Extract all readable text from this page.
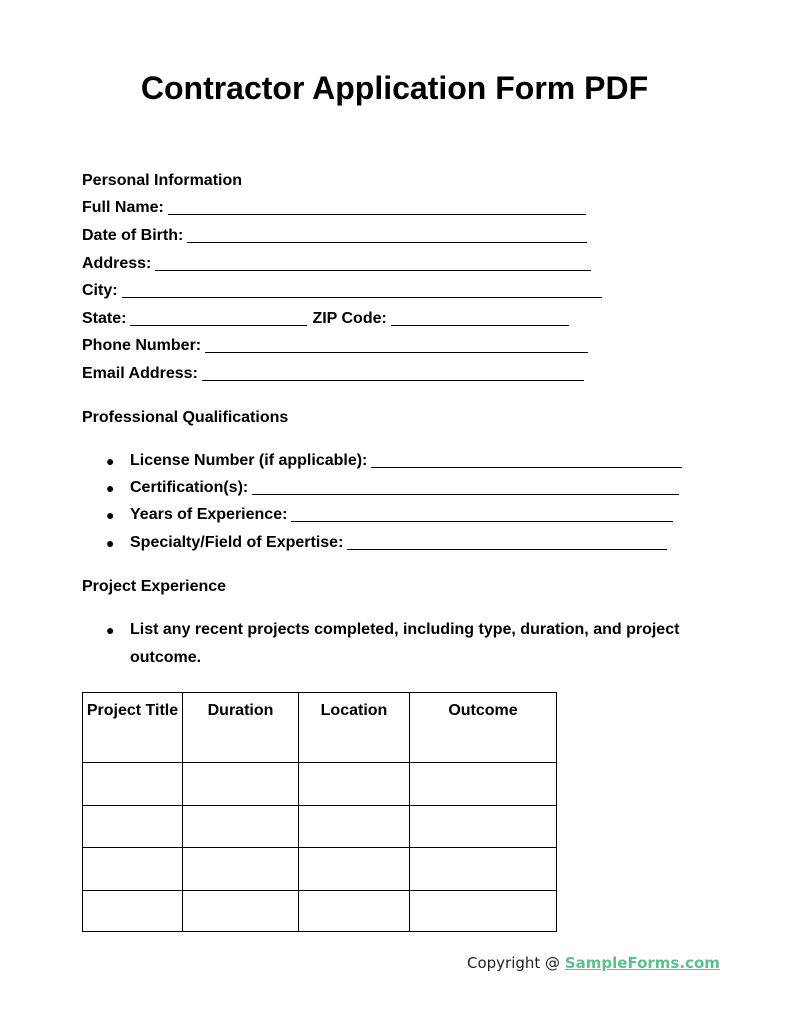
Contractor Application Form PDF
Personal Information
Full Name:
Date of Birth:
Address:
City:
State:	ZIP Code:
Phone Number:
Email Address:
Professional Qualifications
● License Number (if applicable):
● Certification(s):
● Years of Experience:
● Specialty/Field of Expertise:
Project Experience
● List any recent projects completed, including type, duration, and project
outcome.
Project Title	Duration	Location	Outcome

Copyright @ SampleForms.com
